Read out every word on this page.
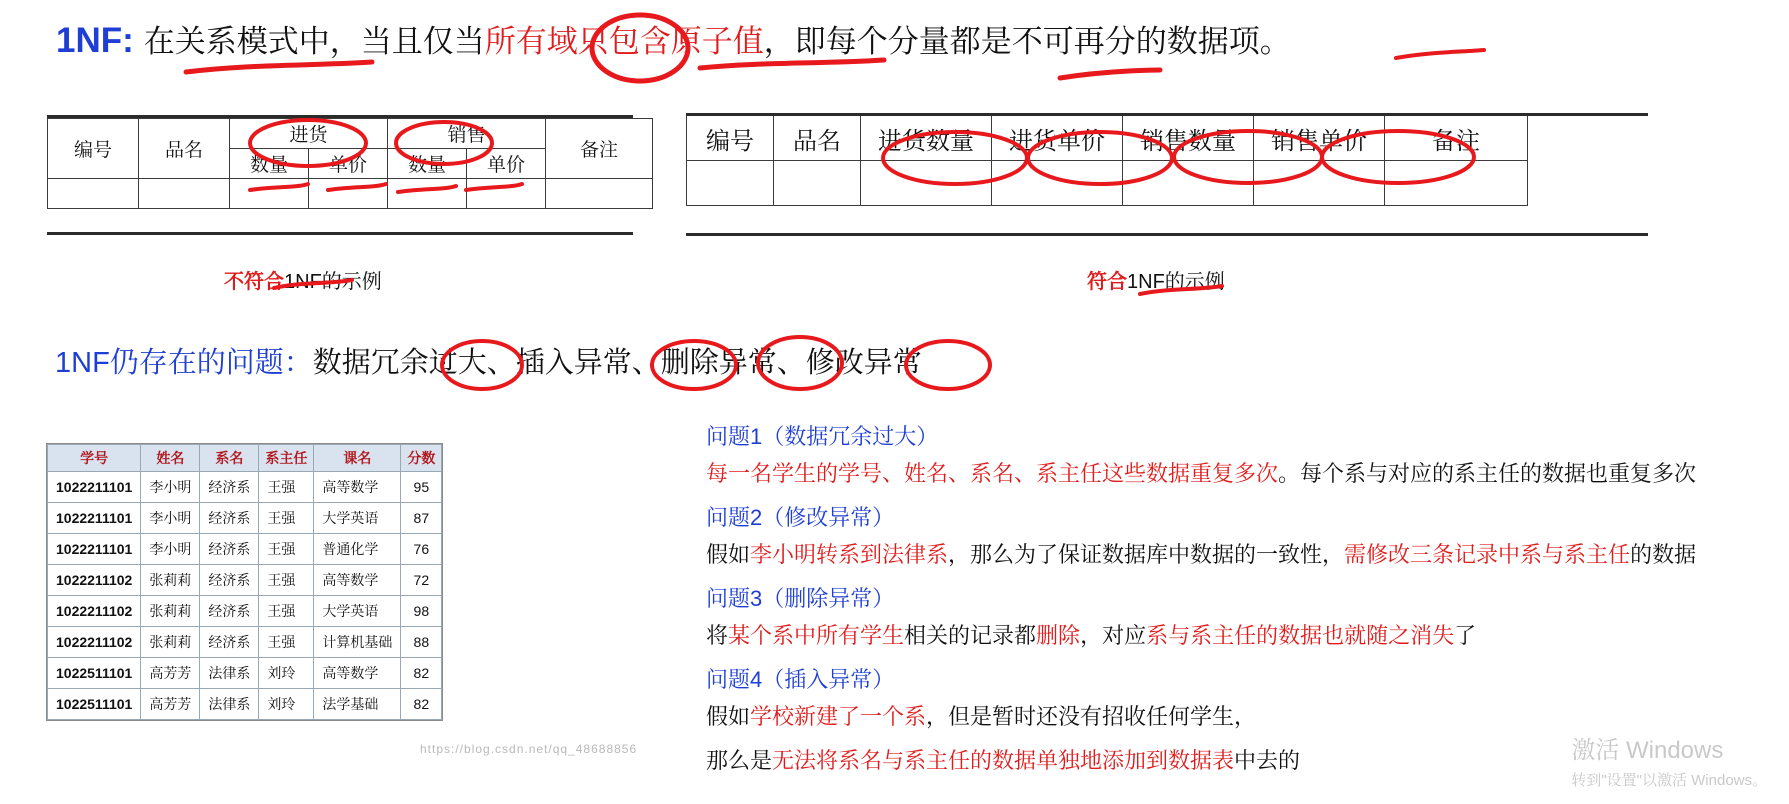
1NF: 在关系模式中，当且仅当所有域只包含原子值，即每个分量都是不可再分的数据项。
编号	品名	进货		销售		备注
		数量	单价	数量	单价	

编号	品名	进货数量	进货单价	销售数量	销售单价	备注

不符合1NF的示例	符合1NF的示例
1NF仍存在的问题：数据冗余过大、插入异常、删除异常、修改异常
学号	姓名	系名	系主任	课名	分数
1022211101	李小明	经济系	王强	高等数学	95
1022211101	李小明	经济系	王强	大学英语	87
1022211101	李小明	经济系	王强	普通化学	76
1022211102	张莉莉	经济系	王强	高等数学	72
1022211102	张莉莉	经济系	王强	大学英语	98
1022211102	张莉莉	经济系	王强	计算机基础	88
1022511101	高芳芳	法律系	刘玲	高等数学	82
1022511101	高芳芳	法律系	刘玲	法学基础	82
https://blog.csdn.net/qq_48688856
问题1（数据冗余过大）
每一名学生的学号、姓名、系名、系主任这些数据重复多次。每个系与对应的系主任的数据也重复多次
问题2（修改异常）
假如李小明转系到法律系，那么为了保证数据库中数据的一致性，需修改三条记录中系与系主任的数据
问题3（删除异常）
将某个系中所有学生相关的记录都删除，对应系与系主任的数据也就随之消失了
问题4（插入异常）
假如学校新建了一个系，但是暂时还没有招收任何学生，
那么是无法将系名与系主任的数据单独地添加到数据表中去的	激活 Windows
转到"设置"以激活 Windows。
